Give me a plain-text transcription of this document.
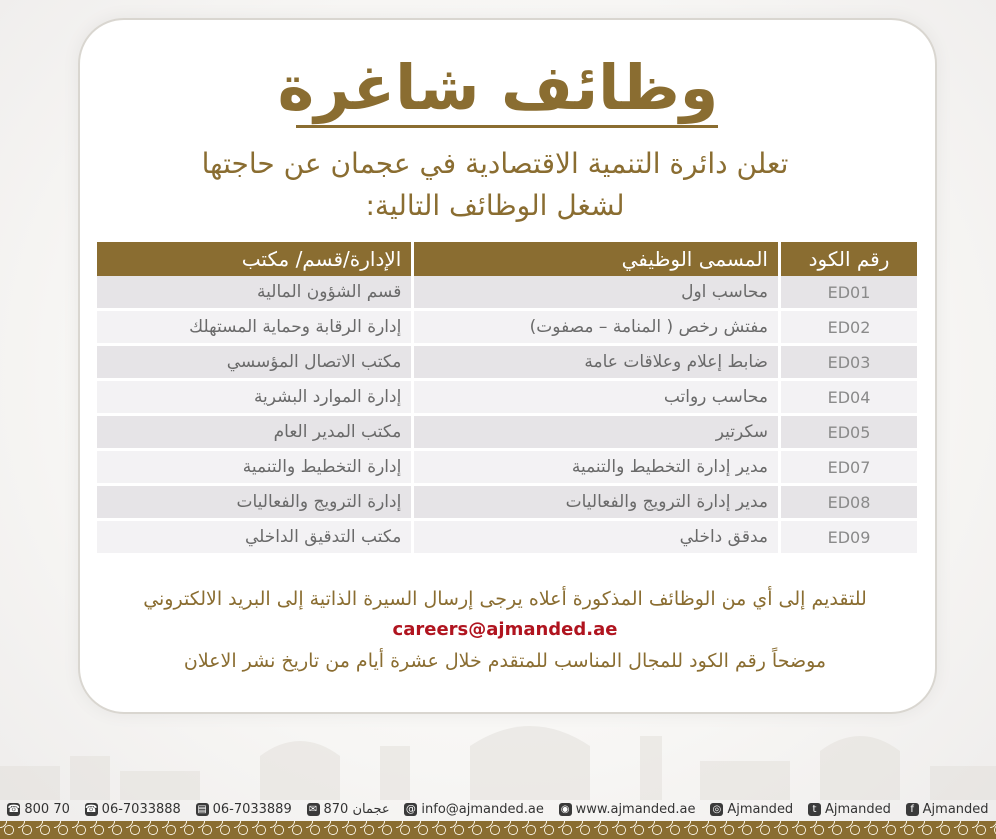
وظائف شاغرة
تعلن دائرة التنمية الاقتصادية في عجمان عن حاجتها
لشغل الوظائف التالية:
رقم الكود	المسمى الوظيفي	الإدارة/قسم/ مكتب
ED01	محاسب اول	قسم الشؤون المالية
ED02	مفتش رخص ( المنامة – مصفوت)	إدارة الرقابة وحماية المستهلك
ED03	ضابط إعلام وعلاقات عامة	مكتب الاتصال المؤسسي
ED04	محاسب رواتب	إدارة الموارد البشرية
ED05	سكرتير	مكتب المدير العام
ED07	مدير إدارة التخطيط والتنمية	إدارة التخطيط والتنمية
ED08	مدير إدارة الترويج والفعاليات	إدارة الترويج والفعاليات
ED09	مدقق داخلي	مكتب التدقيق الداخلي
للتقديم إلى أي من الوظائف المذكورة أعلاه يرجى إرسال السيرة الذاتية إلى البريد الالكتروني
careers@ajmanded.ae
موضحاً رقم الكود للمجال المناسب للمتقدم خلال عشرة أيام من تاريخ نشر الاعلان
☎ 800 70 ☎ 06-7033888 ▤ 06-7033889 ✉ 870 عجمان @ info@ajmanded.ae ◉ www.ajmanded.ae ◎ Ajmanded	t Ajmanded	f Ajmanded
